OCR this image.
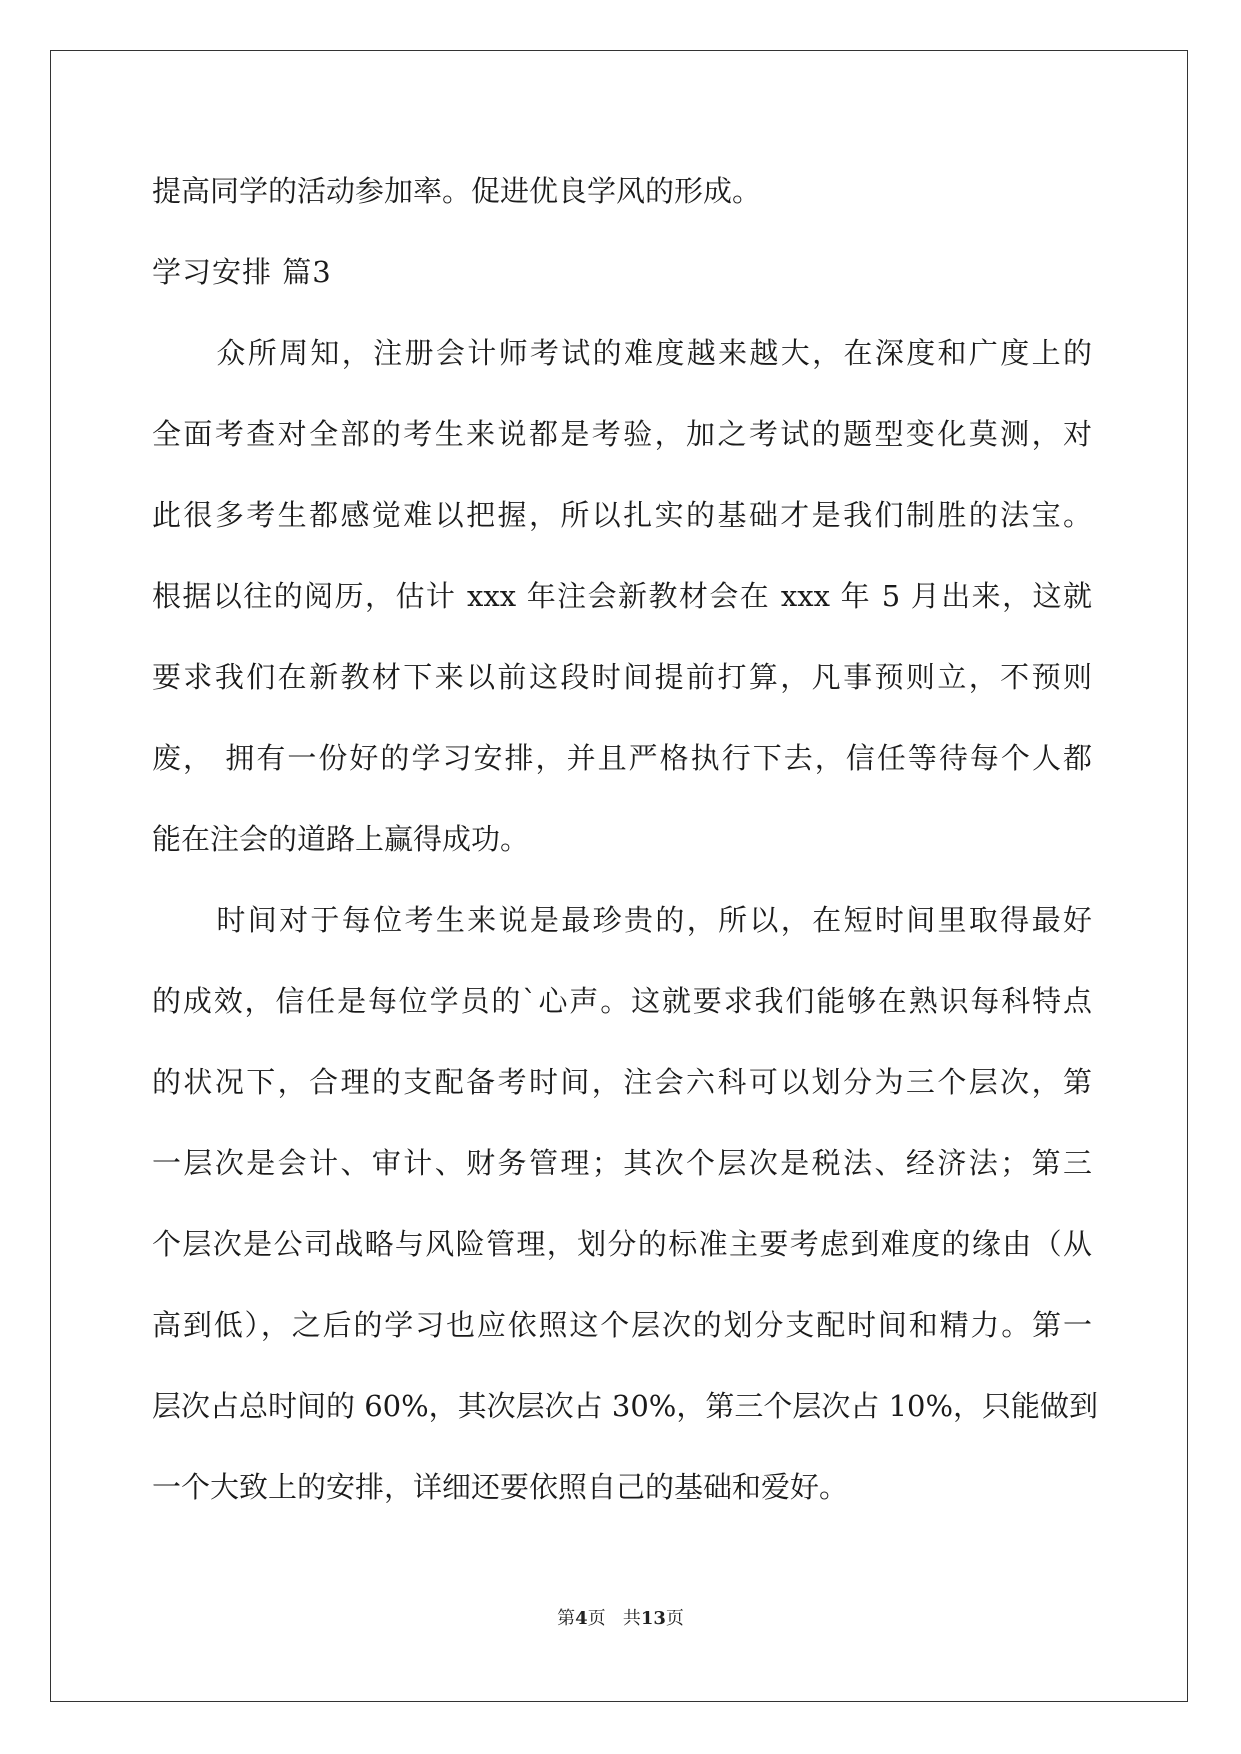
提高同学的活动参加率。促进优良学风的形成。
学习安排 篇3
众所周知，注册会计师考试的难度越来越大，在深度和广度上的
全面考查对全部的考生来说都是考验，加之考试的题型变化莫测，对
此很多考生都感觉难以把握，所以扎实的基础才是我们制胜的法宝。
根据以往的阅历，估计 xxx 年注会新教材会在 xxx 年 5 月出来，这就
要求我们在新教材下来以前这段时间提前打算，凡事预则立，不预则
废， 拥有一份好的学习安排，并且严格执行下去，信任等待每个人都
能在注会的道路上赢得成功。
时间对于每位考生来说是最珍贵的，所以，在短时间里取得最好
的成效，信任是每位学员的`心声。这就要求我们能够在熟识每科特点
的状况下，合理的支配备考时间，注会六科可以划分为三个层次，第
一层次是会计、审计、财务管理；其次个层次是税法、经济法；第三
个层次是公司战略与风险管理，划分的标准主要考虑到难度的缘由（从
高到低），之后的学习也应依照这个层次的划分支配时间和精力。第一
层次占总时间的 60%，其次层次占 30%，第三个层次占 10%，只能做到
一个大致上的安排，详细还要依照自己的基础和爱好。
第4页 共13页
